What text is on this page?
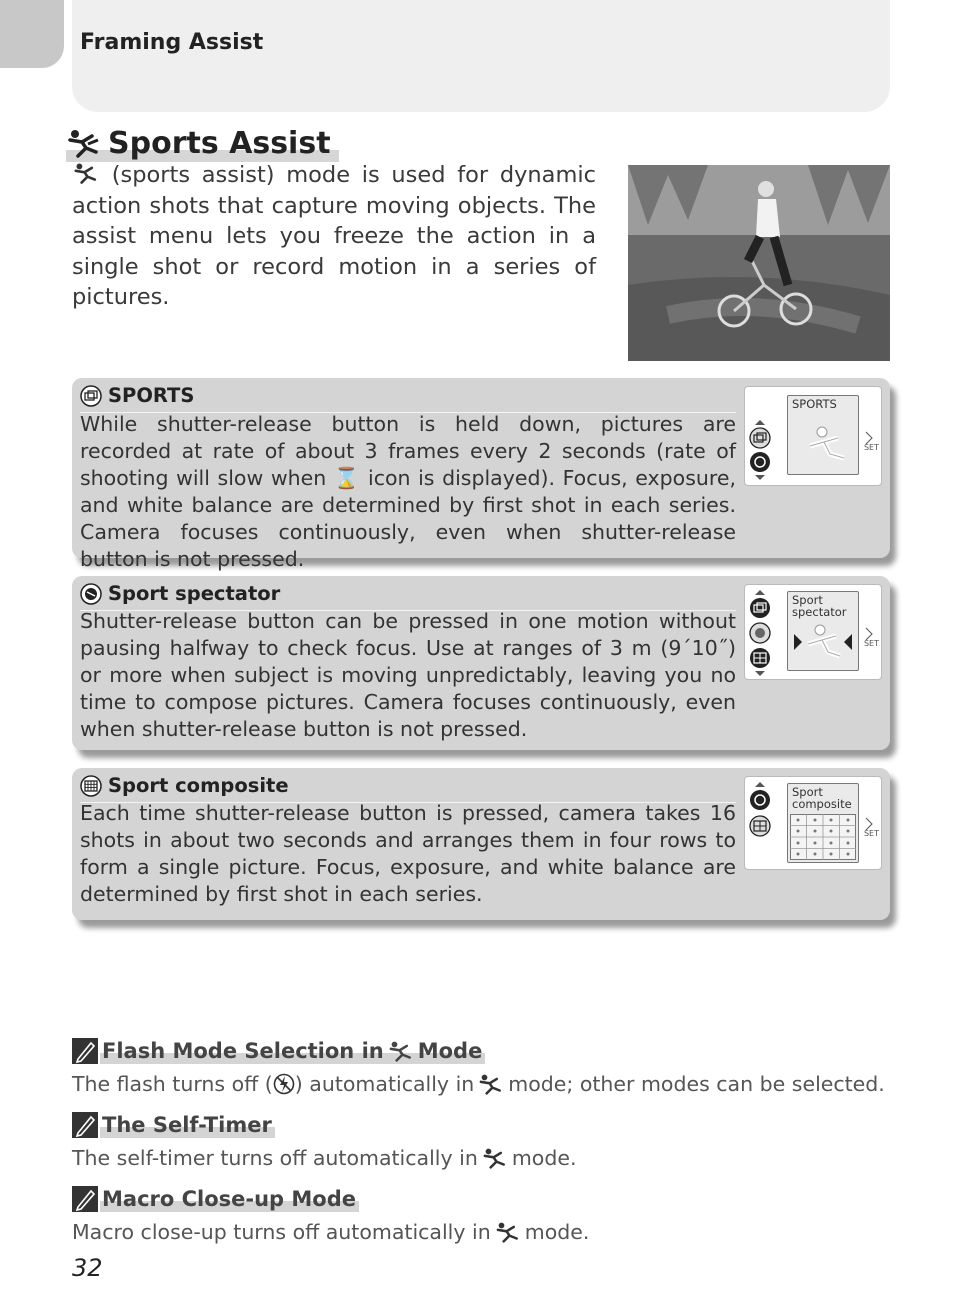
Framing Assist
Sports Assist
(sports assist) mode is used for dynamic action shots that capture moving objects. The assist menu lets you freeze the action in a single shot or record motion in a series of pictures.
SPORTS
While shutter-release button is held down, pictures are recorded at rate of about 3 frames every 2 seconds (rate of shooting will slow when ⌛ icon is displayed). Focus, exposure, and white balance are determined by first shot in each series. Camera focuses continuously, even when shutter-release button is not pressed.
SPORTS
SET
Sport spectator
Shutter-release button can be pressed in one motion without pausing halfway to check focus. Use at ranges of 3 m (9´10˝) or more when subject is moving unpredictably, leaving you no time to compose pictures. Camera focuses continuously, even when shutter-release button is not pressed.
Sport spectator
SET
Sport composite
Each time shutter-release button is pressed, camera takes 16 shots in about two seconds and arranges them in four rows to form a single picture. Focus, exposure, and white balance are determined by first shot in each series.
Sport composite
SET
Flash Mode Selection in Mode
The flash turns off ( ) automatically in mode; other modes can be selected.
The Self-Timer
The self-timer turns off automatically in mode.
Macro Close-up Mode
Macro close-up turns off automatically in mode.
32
